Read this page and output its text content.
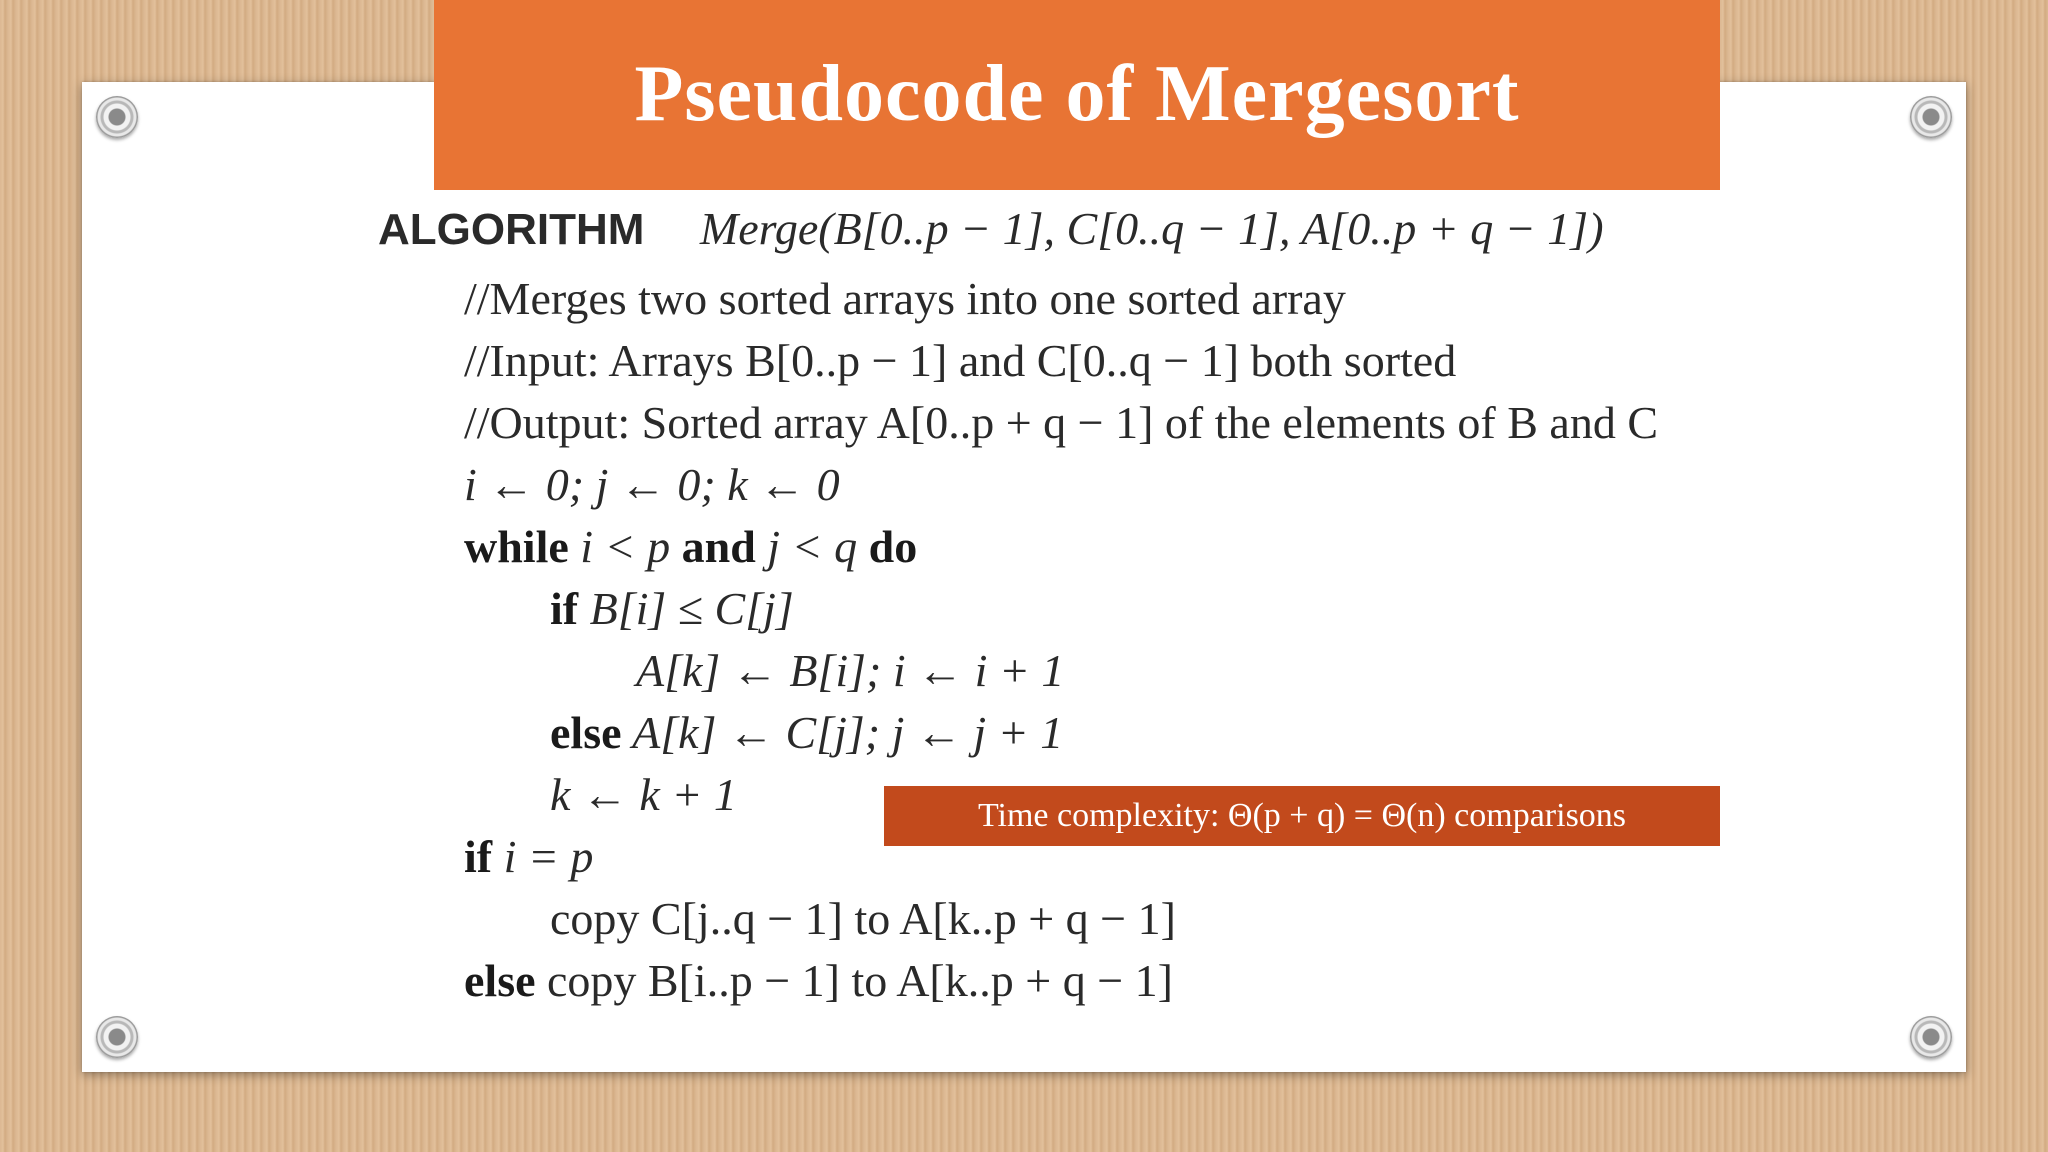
Pseudocode of Mergesort
ALGORITHM Merge(B[0..p − 1], C[0..q − 1], A[0..p + q − 1])
//Merges two sorted arrays into one sorted array
//Input: Arrays B[0..p − 1] and C[0..q − 1] both sorted
//Output: Sorted array A[0..p + q − 1] of the elements of B and C
i ← 0; j ← 0; k ← 0
while i < p and j < q do
if B[i] ≤ C[j]
A[k] ← B[i]; i ← i + 1
else A[k] ← C[j]; j ← j + 1
k ← k + 1
if i = p
copy C[j..q − 1] to A[k..p + q − 1]
else copy B[i..p − 1] to A[k..p + q − 1]
Time complexity: Θ(p + q) = Θ(n) comparisons
